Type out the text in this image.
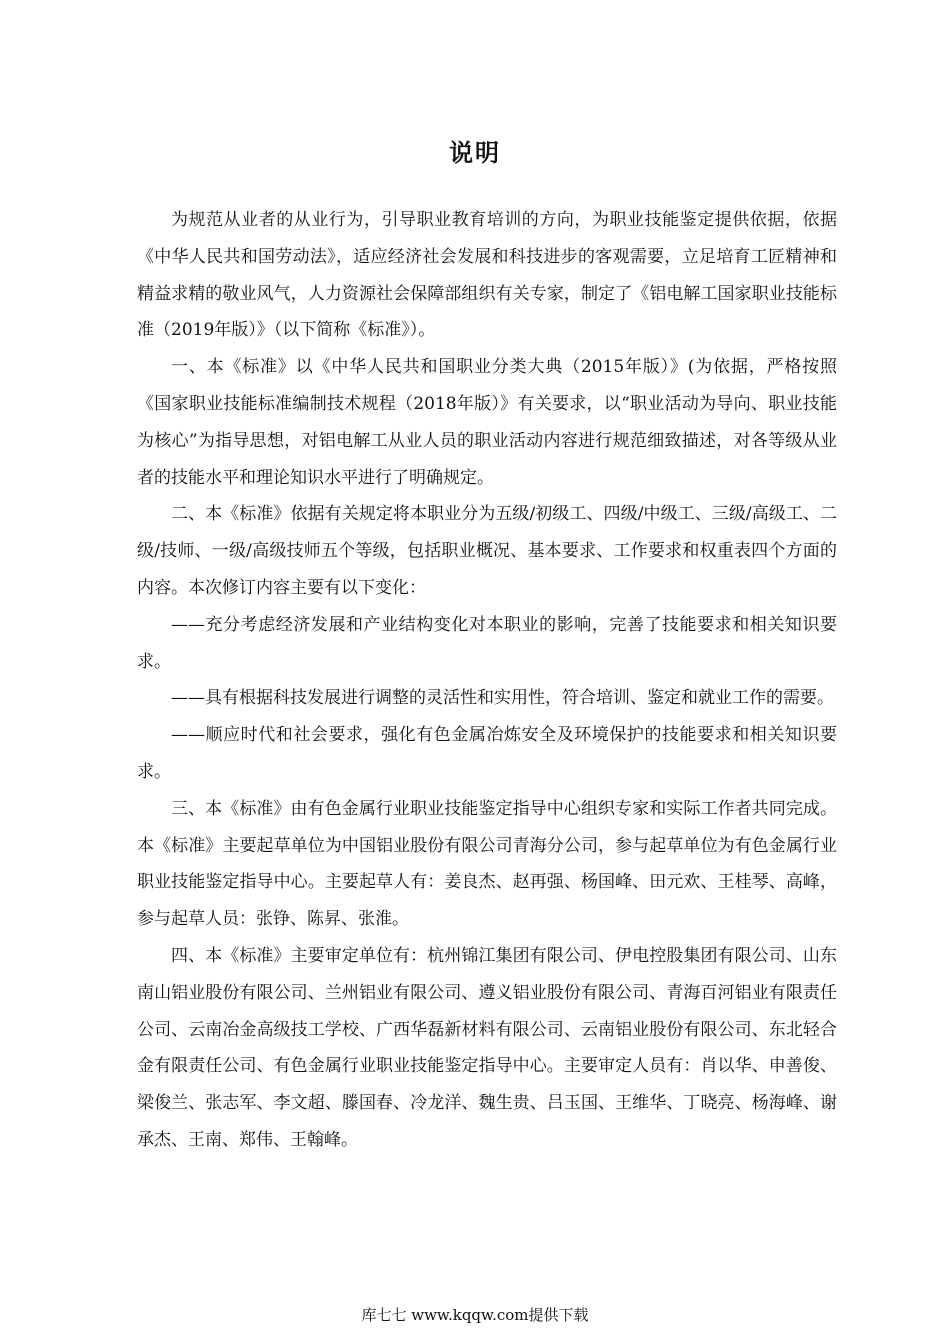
说明

为规范从业者的从业行为，引导职业教育培训的方向，为职业技能鉴定提供依据，依据《中华人民共和国劳动法》，适应经济社会发展和科技进步的客观需要，立足培育工匠精神和精益求精的敬业风气，人力资源社会保障部组织有关专家，制定了《铝电解工国家职业技能标准（2019年版）》（以下简称《标准》）。

一、本《标准》以《中华人民共和国职业分类大典（2015年版）》(为依据，严格按照《国家职业技能标准编制技术规程（2018年版）》有关要求，以“职业活动为导向、职业技能为核心”为指导思想，对铝电解工从业人员的职业活动内容进行规范细致描述，对各等级从业者的技能水平和理论知识水平进行了明确规定。

二、本《标准》依据有关规定将本职业分为五级/初级工、四级/中级工、三级/高级工、二级/技师、一级/高级技师五个等级，包括职业概况、基本要求、工作要求和权重表四个方面的内容。本次修订内容主要有以下变化：

——充分考虑经济发展和产业结构变化对本职业的影响，完善了技能要求和相关知识要求。

——具有根据科技发展进行调整的灵活性和实用性，符合培训、鉴定和就业工作的需要。

——顺应时代和社会要求，强化有色金属冶炼安全及环境保护的技能要求和相关知识要求。

三、本《标准》由有色金属行业职业技能鉴定指导中心组织专家和实际工作者共同完成。本《标准》主要起草单位为中国铝业股份有限公司青海分公司，参与起草单位为有色金属行业职业技能鉴定指导中心。主要起草人有：姜良杰、赵再强、杨国峰、田元欢、王桂琴、高峰，参与起草人员：张铮、陈昇、张淮。

四、本《标准》主要审定单位有：杭州锦江集团有限公司、伊电控股集团有限公司、山东南山铝业股份有限公司、兰州铝业有限公司、遵义铝业股份有限公司、青海百河铝业有限责任公司、云南冶金高级技工学校、广西华磊新材料有限公司、云南铝业股份有限公司、东北轻合金有限责任公司、有色金属行业职业技能鉴定指导中心。主要审定人员有：肖以华、申善俊、梁俊兰、张志军、李文超、滕国春、冷龙洋、魏生贵、吕玉国、王维华、丁晓亮、杨海峰、谢承杰、王南、郑伟、王翰峰。

库七七 www.kqqw.com提供下载
